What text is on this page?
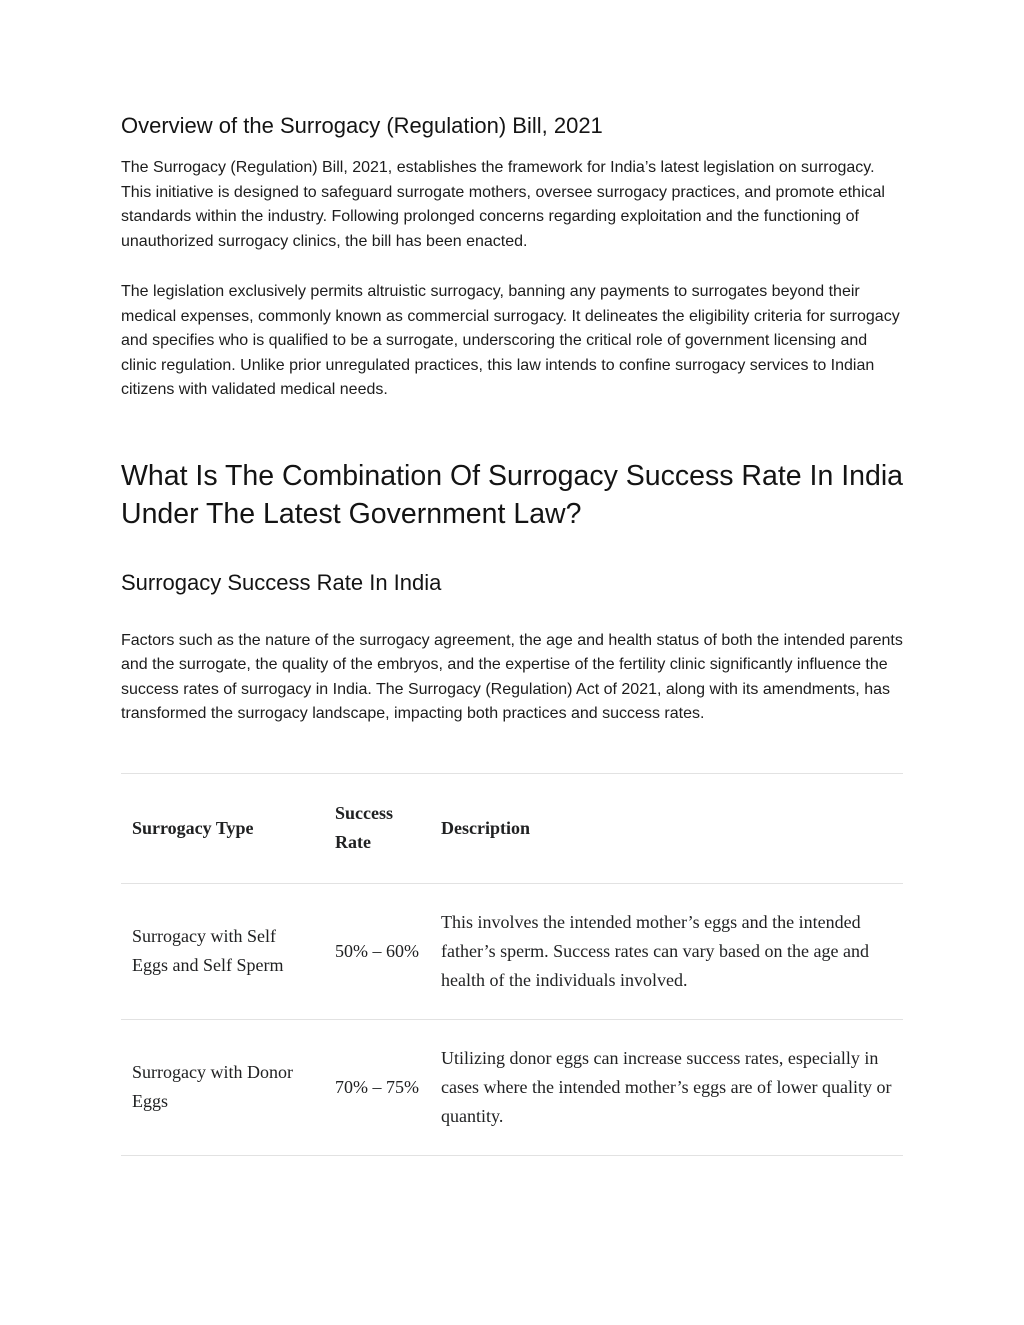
Overview of the Surrogacy (Regulation) Bill, 2021

The Surrogacy (Regulation) Bill, 2021, establishes the framework for India’s latest legislation on surrogacy. This initiative is designed to safeguard surrogate mothers, oversee surrogacy practices, and promote ethical standards within the industry. Following prolonged concerns regarding exploitation and the functioning of unauthorized surrogacy clinics, the bill has been enacted.

The legislation exclusively permits altruistic surrogacy, banning any payments to surrogates beyond their medical expenses, commonly known as commercial surrogacy. It delineates the eligibility criteria for surrogacy and specifies who is qualified to be a surrogate, underscoring the critical role of government licensing and clinic regulation. Unlike prior unregulated practices, this law intends to confine surrogacy services to Indian citizens with validated medical needs.

What Is The Combination Of Surrogacy Success Rate In India Under The Latest Government Law?
Surrogacy Success Rate In India

Factors such as the nature of the surrogacy agreement, the age and health status of both the intended parents and the surrogate, the quality of the embryos, and the expertise of the fertility clinic significantly influence the success rates of surrogacy in India. The Surrogacy (Regulation) Act of 2021, along with its amendments, has transformed the surrogacy landscape, impacting both practices and success rates.

Surrogacy Type	Success Rate	Description
Surrogacy with Self Eggs and Self Sperm	50% – 60%	This involves the intended mother’s eggs and the intended father’s sperm. Success rates can vary based on the age and health of the individuals involved.
Surrogacy with Donor Eggs	70% – 75%	Utilizing donor eggs can increase success rates, especially in cases where the intended mother’s eggs are of lower quality or quantity.
